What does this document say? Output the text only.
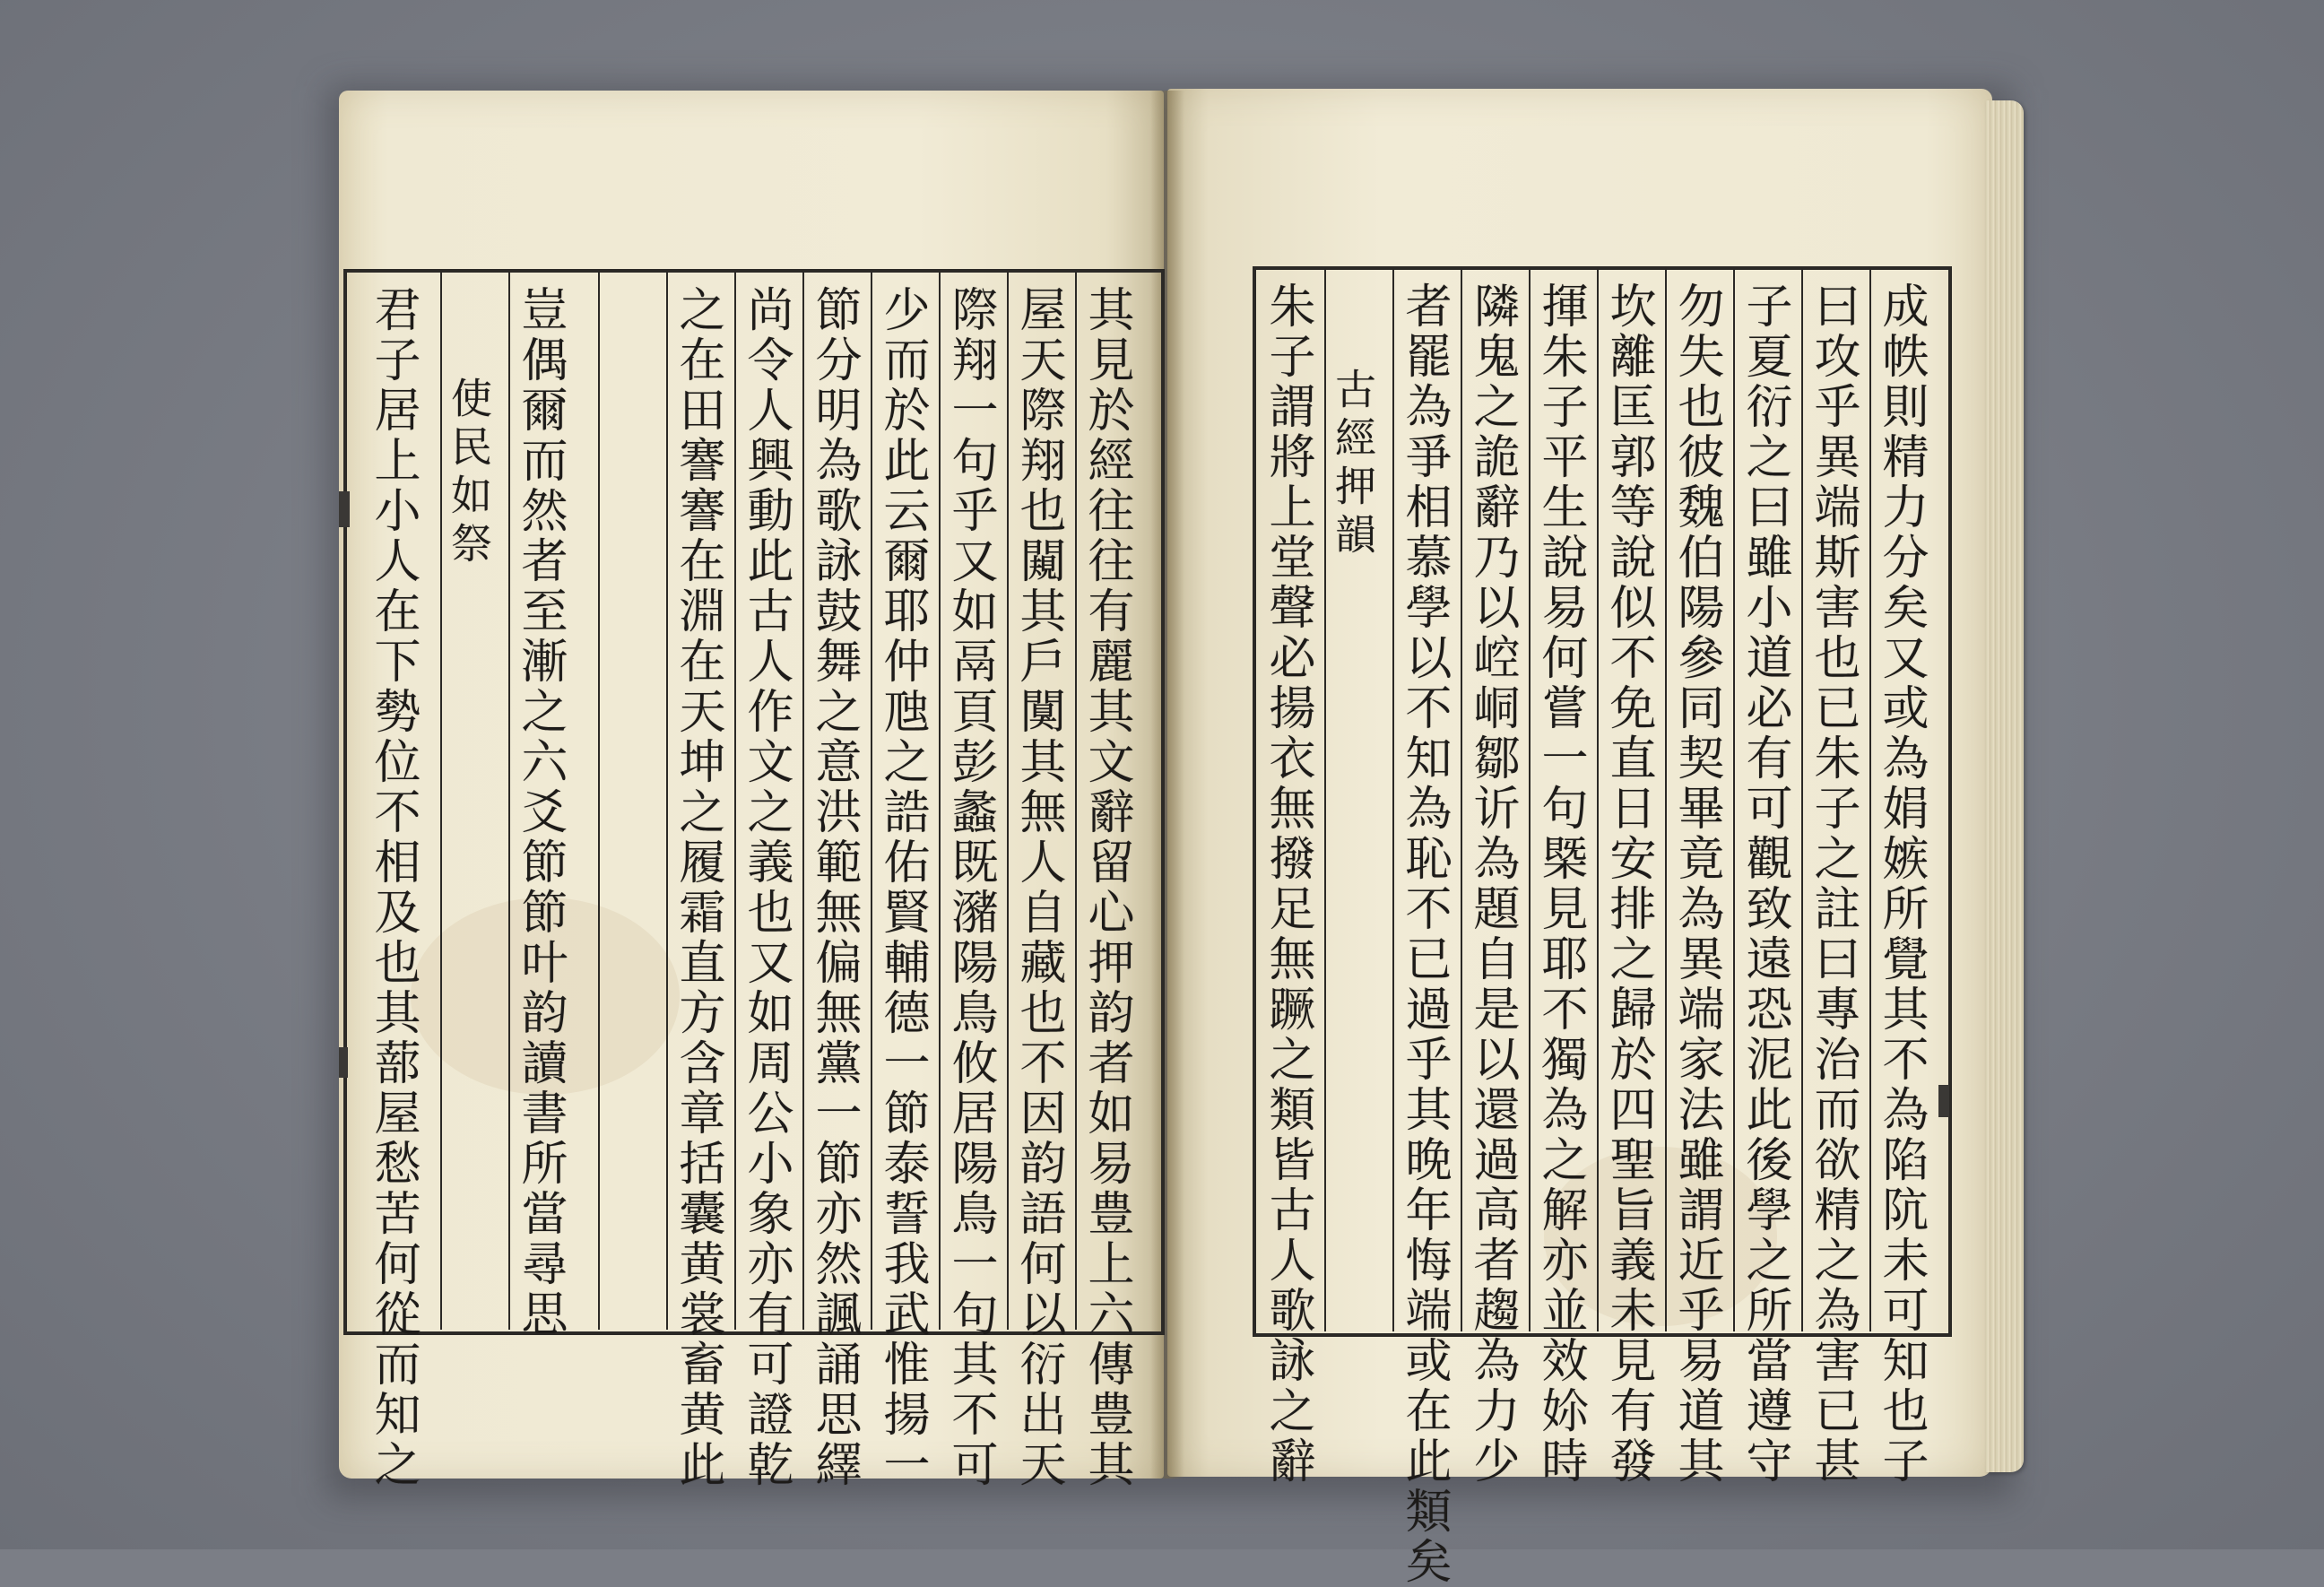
其見於經往往有麗其文辭留心押韵者如易豊上六傳豊其
屋天際翔也闚其戶闃其無人自藏也不因韵語何以衍出天
際翔一句乎又如鬲頁彭蠡既瀦陽鳥攸居陽鳥一句其不可
少而於此云爾耶仲虺之誥佑賢輔德一節泰誓我武惟揚一
節分明為歌詠鼓舞之意洪範無偏無黨一節亦然諷誦思繹
尚令人興動此古人作文之義也又如周公小象亦有可證乾
之在田謇謇在淵在天坤之履霜直方含章括囊黄裳畜黄此
豈偶爾而然者至漸之六爻節節叶韵讀書所當尋思
使民如祭
君子居上小人在下勢位不相及也其蔀屋愁苦何從而知之	成帙則精力分矣又或為娟嫉所覺其不為陷阬未可知也子
曰攻乎異端斯害也已朱子之註曰專治而欲精之為害已甚
子夏衍之曰雖小道必有可觀致遠恐泥此後學之所當遵守
勿失也彼魏伯陽參同契畢竟為異端家法雖謂近乎易道其
坎離匡郭等說似不免直日安排之歸於四聖旨義未見有發
揮朱子平生說易何嘗一句槩見耶不獨為之解亦並效㚷時
隣鬼之詭辭乃以崆峒鄒䜣為題自是以還過高者趨為力少
者罷為爭相慕學以不知為恥不已過乎其晚年悔端或在此類矣
古經押韻
朱子謂將上堂聲必揚衣無撥足無蹶之類皆古人歌詠之辭
